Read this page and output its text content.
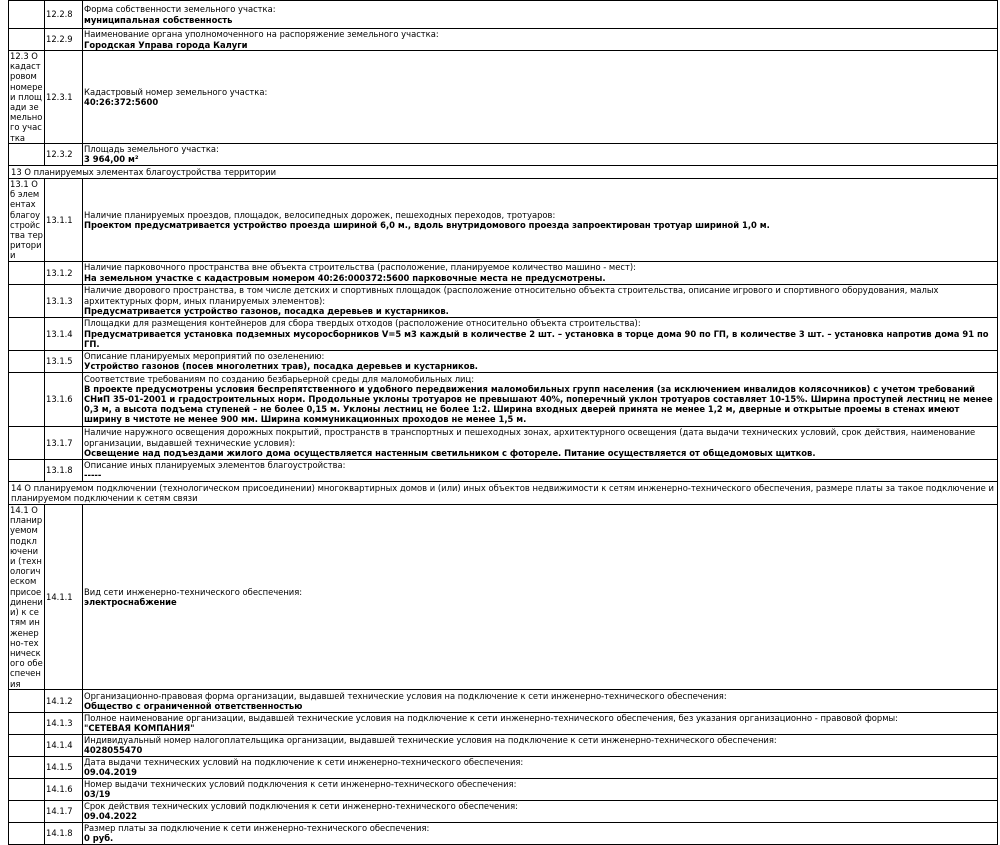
	12.2.8	Форма собственности земельного участка:
муниципальная собственность

	12.2.9	Наименование органа уполномоченного на распоряжение земельного участка:
Городская Управа города Калуги

12.3 О кадастровом номере и площади земельного участка	12.3.1	Кадастровый номер земельного участка:
40:26:372:5600

	12.3.2	Площадь земельного участка:
3 964,00 м²

13 О планируемых элементах благоустройства территории		
13.1 Об элементах благоустройства территории	13.1.1	Наличие планируемых проездов, площадок, велосипедных дорожек, пешеходных переходов, тротуаров:
Проектом предусматривается устройство проезда шириной 6,0 м., вдоль внутридомового проезда запроектирован тротуар шириной 1,0 м.

	13.1.2	Наличие парковочного пространства вне объекта строительства (расположение, планируемое количество машино - мест):
На земельном участке с кадастровым номером 40:26:000372:5600 парковочные места не предусмотрены.

	13.1.3	Наличие дворового пространства, в том числе детских и спортивных площадок (расположение относительно объекта строительства, описание игрового и спортивного оборудования, малых архитектурных форм, иных планируемых элементов):
Предусматривается устройство газонов, посадка деревьев и кустарников.

	13.1.4	Площадки для размещения контейнеров для сбора твердых отходов (расположение относительно объекта строительства):
Предусматривается установка подземных мусоросборников V=5 м3 каждый в количестве 2 шт. – установка в торце дома 90 по ГП, в количестве 3 шт. – установка напротив дома 91 по ГП.

	13.1.5	Описание планируемых мероприятий по озеленению:
Устройство газонов (посев многолетних трав), посадка деревьев и кустарников.

	13.1.6	Соответствие требованиям по созданию безбарьерной среды для маломобильных лиц:
В проекте предусмотрены условия беспрепятственного и удобного передвижения маломобильных групп населения (за исключением инвалидов колясочников) с учетом требований СНиП 35-01-2001 и градостроительных норм. Продольные уклоны тротуаров не превышают 40%, поперечный уклон тротуаров составляет 10-15%. Ширина проступей лестниц не менее 0,3 м, а высота подъема ступеней – не более 0,15 м. Уклоны лестниц не более 1:2. Ширина входных дверей принята не менее 1,2 м, дверные и открытые проемы в стенах имеют ширину в чистоте не менее 900 мм. Ширина коммуникационных проходов не менее 1,5 м.

	13.1.7	Наличие наружного освещения дорожных покрытий, пространств в транспортных и пешеходных зонах, архитектурного освещения (дата выдачи технических условий, срок действия, наименование организации, выдавшей технические условия):
Освещение над подъездами жилого дома осуществляется настенным светильником с фотореле. Питание осуществляется от общедомовых щитков.

	13.1.8	Описание иных планируемых элементов благоустройства:
-----

14 О планируемом подключении (технологическом присоединении) многоквартирных домов и (или) иных объектов недвижимости к сетям инженерно-технического обеспечения, размере платы за такое подключение и планируемом подключении к сетям связи		
14.1 О планируемом подключении (технологическом присоединении) к сетям инженерно-технического обеспечения	14.1.1	Вид сети инженерно-технического обеспечения:
электроснабжение

	14.1.2	Организационно-правовая форма организации, выдавшей технические условия на подключение к сети инженерно-технического обеспечения:
Общество с ограниченной ответственностью

	14.1.3	Полное наименование организации, выдавшей технические условия на подключение к сети инженерно-технического обеспечения, без указания организационно - правовой формы:
"СЕТЕВАЯ КОМПАНИЯ"

	14.1.4	Индивидуальный номер налогоплательщика организации, выдавшей технические условия на подключение к сети инженерно-технического обеспечения:
4028055470

	14.1.5	Дата выдачи технических условий на подключение к сети инженерно-технического обеспечения:
09.04.2019

	14.1.6	Номер выдачи технических условий подключения к сети инженерно-технического обеспечения:
03/19

	14.1.7	Срок действия технических условий подключения к сети инженерно-технического обеспечения:
09.04.2022

	14.1.8	Размер платы за подключение к сети инженерно-технического обеспечения:
0 руб.
